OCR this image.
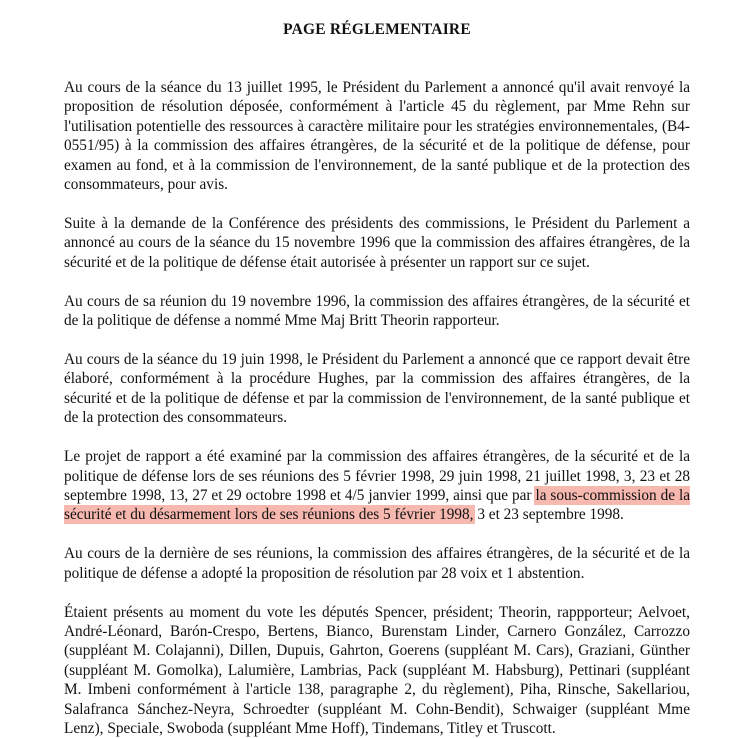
PAGE RÉGLEMENTAIRE

Au cours de la séance du 13 juillet 1995, le Président du Parlement a annoncé qu'il avait renvoyé la proposition de résolution déposée, conformément à l'article 45 du règlement, par Mme Rehn sur l'utilisation potentielle des ressources à caractère militaire pour les stratégies environnementales, (B4-0551/95) à la commission des affaires étrangères, de la sécurité et de la politique de défense, pour examen au fond, et à la commission de l'environnement, de la santé publique et de la protection des consommateurs, pour avis.

Suite à la demande de la Conférence des présidents des commissions, le Président du Parlement a annoncé au cours de la séance du 15 novembre 1996 que la commission des affaires étrangères, de la sécurité et de la politique de défense était autorisée à présenter un rapport sur ce sujet.

Au cours de sa réunion du 19 novembre 1996, la commission des affaires étrangères, de la sécurité et de la politique de défense a nommé Mme Maj Britt Theorin rapporteur.

Au cours de la séance du 19 juin 1998, le Président du Parlement a annoncé que ce rapport devait être élaboré, conformément à la procédure Hughes, par la commission des affaires étrangères, de la sécurité et de la politique de défense et par la commission de l'environnement, de la santé publique et de la protection des consommateurs.

Le projet de rapport a été examiné par la commission des affaires étrangères, de la sécurité et de la politique de défense lors de ses réunions des 5 février 1998, 29 juin 1998, 21 juillet 1998, 3, 23 et 28 septembre 1998, 13, 27 et 29 octobre 1998 et 4/5 janvier 1999, ainsi que par la sous-commission de la sécurité et du désarmement lors de ses réunions des 5 février 1998, 3 et 23 septembre 1998.

Au cours de la dernière de ses réunions, la commission des affaires étrangères, de la sécurité et de la politique de défense a adopté la proposition de résolution par 28 voix et 1 abstention.

Étaient présents au moment du vote les députés Spencer, président; Theorin, rappporteur; Aelvoet, André-Léonard, Barón-Crespo, Bertens, Bianco, Burenstam Linder, Carnero González, Carrozzo (suppléant M. Colajanni), Dillen, Dupuis, Gahrton, Goerens (suppléant M. Cars), Graziani, Günther (suppléant M. Gomolka), Lalumière, Lambrias, Pack (suppléant M. Habsburg), Pettinari (suppléant M. Imbeni conformément à l'article 138, paragraphe 2, du règlement), Piha, Rinsche, Sakellariou, Salafranca Sánchez-Neyra, Schroedter (suppléant M. Cohn-Bendit), Schwaiger (suppléant Mme Lenz), Speciale, Swoboda (suppléant Mme Hoff), Tindemans, Titley et Truscott.
